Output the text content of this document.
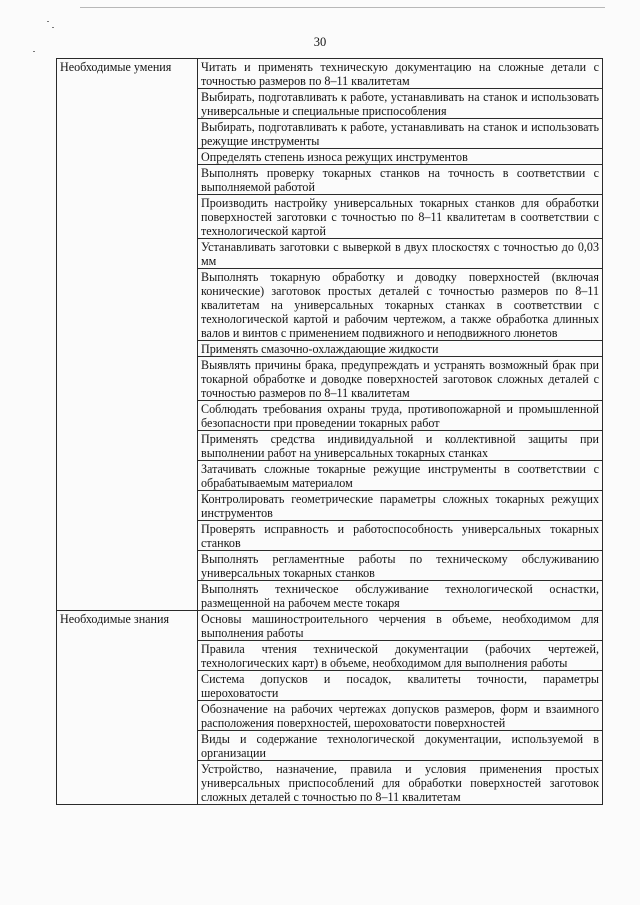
30
Необходимые умения	Читать и применять техническую документацию на сложные детали с точностью размеров по 8–11 квалитетам
	Выбирать, подготавливать к работе, устанавливать на станок и использовать универсальные и специальные приспособления
	Выбирать, подготавливать к работе, устанавливать на станок и использовать режущие инструменты
	Определять степень износа режущих инструментов
	Выполнять проверку токарных станков на точность в соответствии с выполняемой работой
	Производить настройку универсальных токарных станков для обработки поверхностей заготовки с точностью по 8–11 квалитетам в соответствии с технологической картой
	Устанавливать заготовки с выверкой в двух плоскостях с точностью до 0,03 мм
	Выполнять токарную обработку и доводку поверхностей (включая конические) заготовок простых деталей с точностью размеров по 8–11 квалитетам на универсальных токарных станках в соответствии с технологической картой и рабочим чертежом, а также обработка длинных валов и винтов с применением подвижного и неподвижного люнетов
	Применять смазочно-охлаждающие жидкости
	Выявлять причины брака, предупреждать и устранять возможный брак при токарной обработке и доводке поверхностей заготовок сложных деталей с точностью размеров по 8–11 квалитетам
	Соблюдать требования охраны труда, противопожарной и промышленной безопасности при проведении токарных работ
	Применять средства индивидуальной и коллективной защиты при выполнении работ на универсальных токарных станках
	Затачивать сложные токарные режущие инструменты в соответствии с обрабатываемым материалом
	Контролировать геометрические параметры сложных токарных режущих инструментов
	Проверять исправность и работоспособность универсальных токарных станков
	Выполнять регламентные работы по техническому обслуживанию универсальных токарных станков
	Выполнять техническое обслуживание технологической оснастки, размещенной на рабочем месте токаря
Необходимые знания	Основы машиностроительного черчения в объеме, необходимом для выполнения работы
	Правила чтения технической документации (рабочих чертежей, технологических карт) в объеме, необходимом для выполнения работы
	Система допусков и посадок, квалитеты точности, параметры шероховатости
	Обозначение на рабочих чертежах допусков размеров, форм и взаимного расположения поверхностей, шероховатости поверхностей
	Виды и содержание технологической документации, используемой в организации
	Устройство, назначение, правила и условия применения простых универсальных приспособлений для обработки поверхностей заготовок сложных деталей с точностью по 8–11 квалитетам
